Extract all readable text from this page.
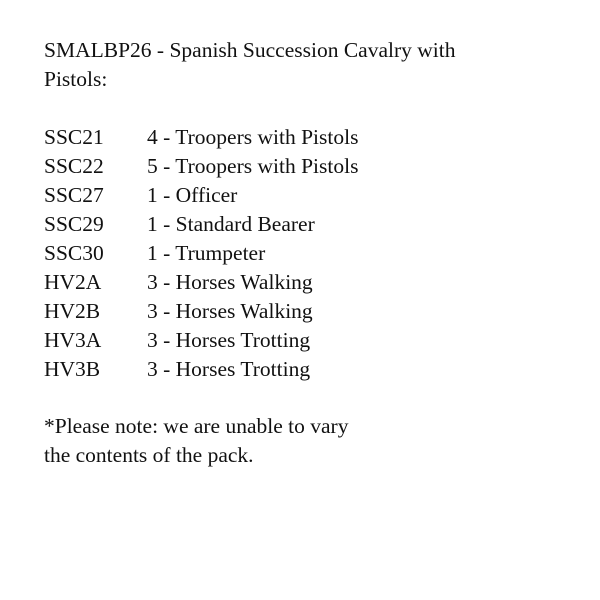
SMALBP26 - Spanish Succession Cavalry with
Pistols:
SSC21	4 - Troopers with Pistols
SSC22	5 - Troopers with Pistols
SSC27	1 - Officer
SSC29	1 - Standard Bearer
SSC30	1 - Trumpeter
HV2A	3 - Horses Walking
HV2B	3 - Horses Walking
HV3A	3 - Horses Trotting
HV3B	3 - Horses Trotting
*Please note: we are unable to vary
the contents of the pack.
